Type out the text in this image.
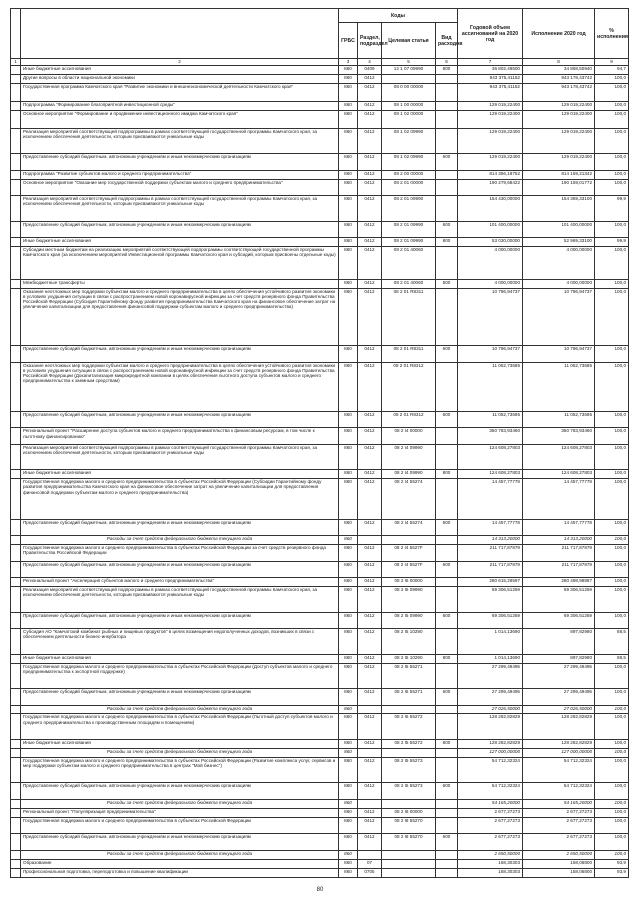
		Коды				Годовой объем ассигнований на 2020 год	Исполнение 2020 год	% исполнения
		ГРБС	Раздел, подраздел	Целевая статья	Вид расходов			
1	2	3	4	5	6	7	8	9
	Иные бюджетные ассигнования	860	0409	12 1 07 09990	800	36 802,49500	34 868,50940	94,7
	Другие вопросы в области национальной экономики	860	0412			943 375,41152	943 178,43742	100,0
	Государственная программа Камчатского края "Развитие экономики и внешнеэкономической деятельности Камчатского края"	860	0412	08 0 00 00000		943 375,41152	943 178,43742	100,0
	Подпрограмма "Формирование благоприятной инвестиционной среды"	860	0412	08 1 00 00000		129 019,22400	129 019,22400	100,0
	Основное мероприятие "Формирование и продвижение инвестиционного имиджа Камчатского края"	860	0412	08 1 02 00000		129 019,22400	129 019,22400	100,0
	Реализация мероприятий соответствующей подпрограммы в рамках соответствующей государственной программы Камчатского края, за исключением обеспечения деятельности, которым присваиваются уникальные коды	860	0412	08 1 02 09990		129 019,22400	129 019,22400	100,0
	Предоставление субсидий бюджетным, автономным учреждениям и иным некоммерческим организациям	860	0412	08 1 02 09990	600	129 019,22400	129 019,22400	100,0
	Подпрограмма "Развитие субъектов малого и среднего предпринимательства"	860	0412	08 2 00 00000		814 356,18752	814 159,21342	100,0
	Основное мероприятие "Оказание мер государственной поддержки субъектам малого и среднего предпринимательства"	860	0412	08 2 01 00000		190 279,68422	190 159,01772	100,0
	Реализация мероприятий соответствующей подпрограммы в рамках соответствующей государственной программы Камчатского края, за исключением обеспечения деятельности, которым присваиваются уникальные коды	860	0412	08 2 01 09990		154 430,00000	154 369,33100	99,9
	Предоставление субсидий бюджетным, автономным учреждениям и иным некоммерческим организациям	860	0412	08 2 01 09990	600	101 400,00000	101 400,00000	100,0
	Иные бюджетные ассигнования	860	0412	08 2 01 09990	800	53 030,00000	52 969,33100	99,9
	Субсидии местным бюджетам на реализацию мероприятий соответствующей подпрограммы соответствующей государственной программы Камчатского края (за исключением мероприятий Инвестиционной программы Камчатского края и субсидий, которым присвоены отдельные коды)	860	0412	08 2 01 40060		4 000,00000	4 000,00000	100,0
	Межбюджетные трансферты	860	0412	08 2 01 40060	500	4 000,00000	4 000,00000	100,0
	Оказание неотложных мер поддержки субъектам малого и среднего предпринимательства в целях обеспечения устойчивого развития экономики в условиях ухудшения ситуации в связи с распространением новой коронавирусной инфекции за счет средств резервного фонда Правительства Российской Федерации (Субсидия Гарантийному фонду развития предпринимательства Камчатского края на финансовое обеспечение затрат на увеличение капитализации для предоставления финансовой поддержки субъектам малого и среднего предпринимательства)	860	0412	08 2 01 R8311		10 796,94737	10 796,94737	100,0
	Предоставление субсидий бюджетным, автономным учреждениям и иным некоммерческим организациям	860	0412	08 2 01 R8311	600	10 796,94737	10 796,94737	100,0
	Оказание неотложных мер поддержки субъектам малого и среднего предпринимательства в целях обеспечения устойчивого развития экономики в условиях ухудшения ситуации в связи с распространением новой коронавирусной инфекции за счет средств резервного фонда Правительства Российской Федерации (Докапитализация микрокредитной компании в целях обеспечения льготного доступа субъектов малого и среднего предпринимательства к заемным средствам)	860	0412	08 2 01 R8312		11 052,73685	11 052,73685	100,0
	Предоставление субсидий бюджетным, автономным учреждениям и иным некоммерческим организациям	860	0412	08 2 01 R8312	600	11 052,73685	11 052,73685	100,0
	Региональный проект "Расширение доступа субъектов малого и среднего предпринимательства к финансовым ресурсам, в том числе к льготному финансированию"	860	0412	08 2 I4 00000		350 783,93460	350 783,93460	100,0
	Реализация мероприятий соответствующей подпрограммы в рамках соответствующей государственной программы Камчатского края, за исключением обеспечения деятельности, которым присваиваются уникальные коды	860	0412	08 2 I4 09990		124 608,27803	124 608,27803	100,0
	Иные бюджетные ассигнования	860	0412	08 2 I4 09990	800	124 608,27803	124 608,27803	100,0
	Государственная поддержка малого и среднего предпринимательства в субъектах Российской Федерации (Субсидии Гарантийному фонду развития предпринимательства Камчатского края на финансовое обеспечение затрат на увеличение капитализации для предоставления финансовой поддержки субъектам малого и среднего предпринимательства)	860	0412	08 2 I4 55274		14 457,77778	14 457,77778	100,0
	Предоставление субсидий бюджетным, автономным учреждениям и иным некоммерческим организациям	860	0412	08 2 I4 55274	600	14 457,77778	14 457,77778	100,0
	Расходы за счет средств федерального бюджета текущего года	860				14 313,20000	14 313,20000	100,0
	Государственная поддержка малого и среднего предпринимательства в субъектах Российской Федерации за счет средств резервного фонда Правительства Российской Федерации	860	0412	08 2 I4 5527F		211 717,87879	211 717,87879	100,0
	Предоставление субсидий бюджетным, автономным учреждениям и иным некоммерческим организациям	860	0412	08 2 I4 5527F	600	211 717,87879	211 717,87879	100,0
	Региональный проект "Акселерация субъектов малого и среднего предпринимательства"	860	0412	08 2 I5 00000		280 615,29597	280 498,98887	100,0
	Реализация мероприятий соответствующей подпрограммы в рамках соответствующей государственной программы Камчатского края, за исключением обеспечения деятельности, которым присваиваются уникальные коды	860	0412	08 2 I5 09990		69 306,51259	69 306,51259	100,0
	Предоставление субсидий бюджетным, автономным учреждениям и иным некоммерческим организациям	860	0412	08 2 I5 09990	600	69 306,51259	69 306,51259	100,0
	Субсидия АО "Камчатский комбинат рыбных и пищевых продуктов" в целях возмещения недополученных доходов, возникших в связи с обеспечением деятельности бизнес-инкубатора	860	0412	08 2 I5 10290		1 014,13690	897,82980	88,5
	Иные бюджетные ассигнования	860	0412	08 2 I5 10290	800	1 014,13690	897,82980	88,5
	Государственная поддержка малого и среднего предпринимательства в субъектах Российской Федерации (Доступ субъектов малого и среднего предпринимательства к экспортной поддержке)	860	0412	08 2 I5 55271		27 299,49495	27 299,49495	100,0
	Предоставление субсидий бюджетным, автономным учреждениям и иным некоммерческим организациям	860	0412	08 2 I5 55271	600	27 299,49495	27 299,49495	100,0
	Расходы за счет средств федерального бюджета текущего года	860				27 026,50000	27 026,50000	100,0
	Государственная поддержка малого и среднего предпринимательства в субъектах Российской Федерации (Льготный доступ субъектов малого и среднего предпринимательства к производственным площадям и помещениям)	860	0412	08 2 I5 55272		128 282,82829	128 282,82829	100,0
	Иные бюджетные ассигнования	860	0412	08 2 I5 55272	800	128 282,82829	128 282,82829	100,0
	Расходы за счет средств федерального бюджета текущего года	860				127 000,00000	127 000,00000	100,0
	Государственная поддержка малого и среднего предпринимательства в субъектах Российской Федерации (Развитие комплекса услуг, сервисов и мер поддержки субъектам малого и среднего предпринимательства в центрах "Мой бизнес")	860	0412	08 2 I5 55273		54 712,32324	54 712,32324	100,0
	Предоставление субсидий бюджетным, автономным учреждениям и иным некоммерческим организациям	860	0412	08 2 I5 55273	600	54 712,32324	54 712,32324	100,0
	Расходы за счет средств федерального бюджета текущего года	860				54 165,20000	54 165,20000	100,0
	Региональный проект "Популяризация предпринимательства"	860	0412	08 2 I8 00000		2 677,27273	2 677,27273	100,0
	Государственная поддержка малого и среднего предпринимательства в субъектах Российской Федерации	860	0412	08 2 I8 55270		2 677,27273	2 677,27273	100,0
	Предоставление субсидий бюджетным, автономным учреждениям и иным некоммерческим организациям	860	0412	08 2 I8 55270	600	2 677,27273	2 677,27273	100,0
	Расходы за счет средств федерального бюджета текущего года	860				2 650,50000	2 650,50000	100,0
	Образование	860	07			168,30303	158,06800	93,9
	Профессиональная подготовка, переподготовка и повышение квалификации	860	0705			168,30303	158,06800	93,9
80
